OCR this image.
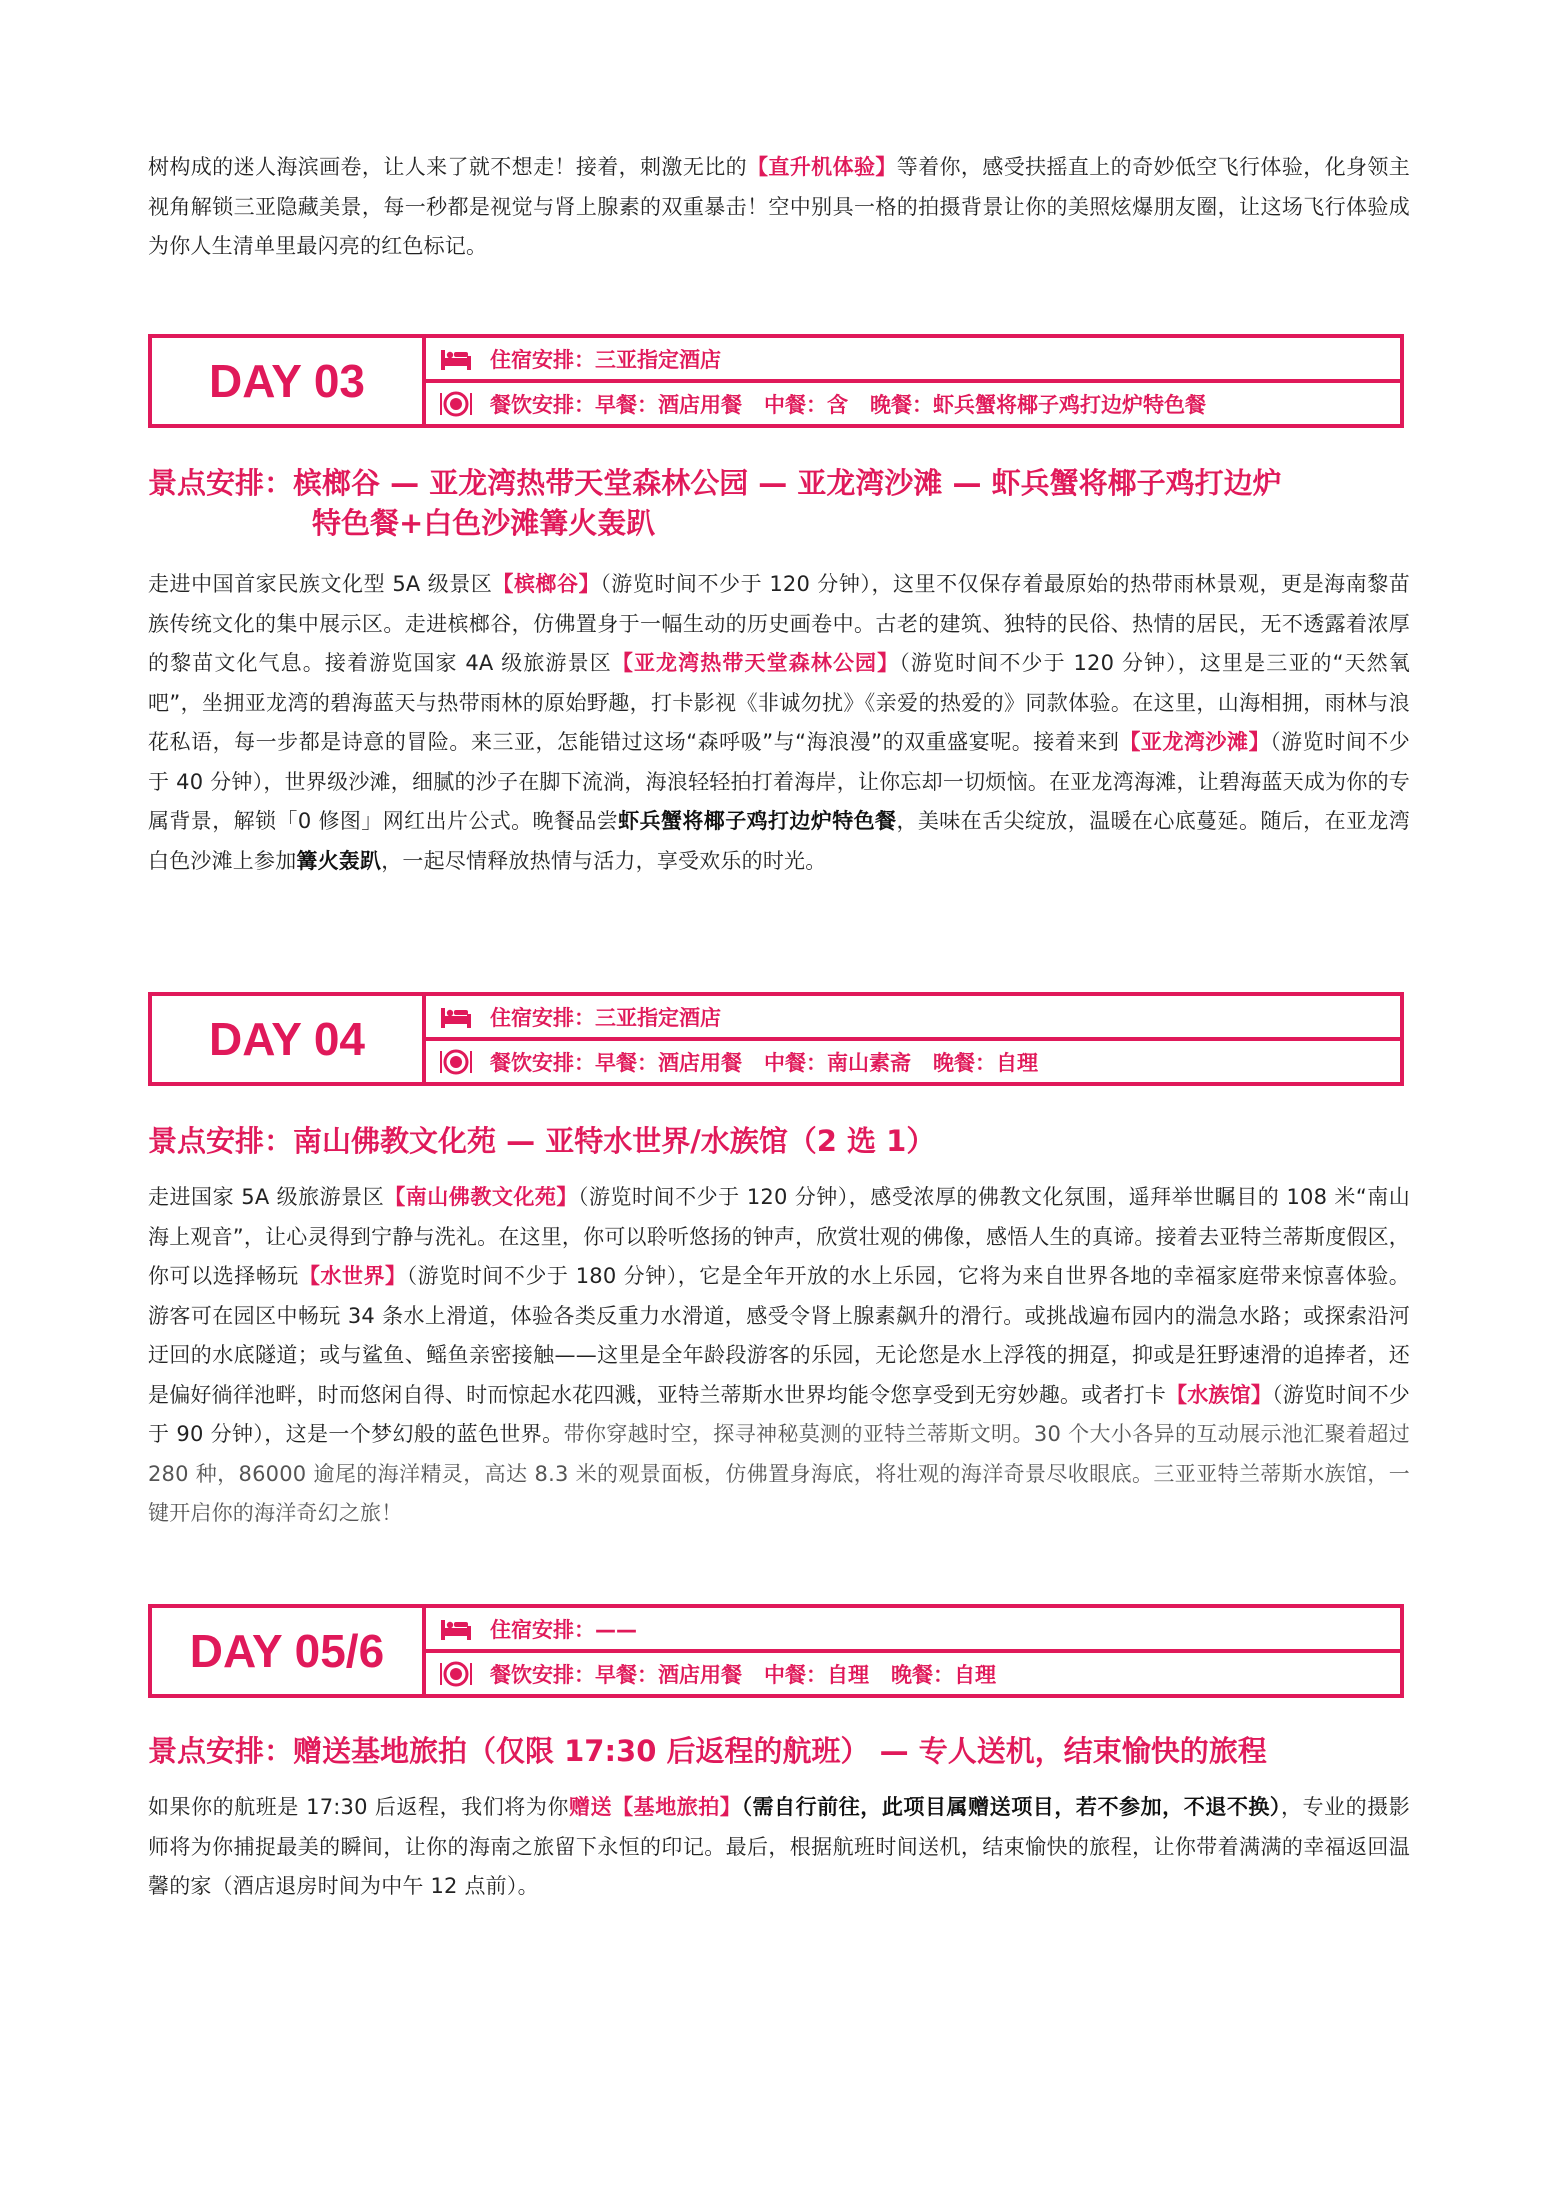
树构成的迷人海滨画卷，让人来了就不想走！接着，刺激无比的【直升机体验】等着你，感受扶摇直上的奇妙低空飞行体验，化身领主视角解锁三亚隐藏美景，每一秒都是视觉与肾上腺素的双重暴击！空中别具一格的拍摄背景让你的美照炫爆朋友圈，让这场飞行体验成为你人生清单里最闪亮的红色标记。

DAY 03	住宿安排：三亚指定酒店
餐饮安排：早餐：酒店用餐 中餐：含 晚餐：虾兵蟹将椰子鸡打边炉特色餐
景点安排：槟榔谷 — 亚龙湾热带天堂森林公园 — 亚龙湾沙滩 — 虾兵蟹将椰子鸡打边炉
特色餐+白色沙滩篝火轰趴

走进中国首家民族文化型 5A 级景区【槟榔谷】（游览时间不少于 120 分钟），这里不仅保存着最原始的热带雨林景观，更是海南黎苗族传统文化的集中展示区。走进槟榔谷，仿佛置身于一幅生动的历史画卷中。古老的建筑、独特的民俗、热情的居民，无不透露着浓厚的黎苗文化气息。接着游览国家 4A 级旅游景区【亚龙湾热带天堂森林公园】（游览时间不少于 120 分钟），这里是三亚的“天然氧吧”，坐拥亚龙湾的碧海蓝天与热带雨林的原始野趣，打卡影视《非诚勿扰》《亲爱的热爱的》同款体验。在这里，山海相拥，雨林与浪花私语，每一步都是诗意的冒险。来三亚，怎能错过这场“森呼吸”与“海浪漫”的双重盛宴呢。接着来到【亚龙湾沙滩】（游览时间不少于 40 分钟），世界级沙滩，细腻的沙子在脚下流淌，海浪轻轻拍打着海岸，让你忘却一切烦恼。在亚龙湾海滩，让碧海蓝天成为你的专属背景，解锁「0 修图」网红出片公式。晚餐品尝虾兵蟹将椰子鸡打边炉特色餐，美味在舌尖绽放，温暖在心底蔓延。随后，在亚龙湾白色沙滩上参加篝火轰趴，一起尽情释放热情与活力，享受欢乐的时光。

DAY 04	住宿安排：三亚指定酒店
餐饮安排：早餐：酒店用餐 中餐：南山素斋 晚餐：自理
景点安排：南山佛教文化苑 — 亚特水世界/水族馆（2 选 1）

走进国家 5A 级旅游景区【南山佛教文化苑】（游览时间不少于 120 分钟），感受浓厚的佛教文化氛围，遥拜举世瞩目的 108 米“南山海上观音”，让心灵得到宁静与洗礼。在这里，你可以聆听悠扬的钟声，欣赏壮观的佛像，感悟人生的真谛。接着去亚特兰蒂斯度假区，你可以选择畅玩【水世界】（游览时间不少于 180 分钟），它是全年开放的水上乐园，它将为来自世界各地的幸福家庭带来惊喜体验。游客可在园区中畅玩 34 条水上滑道，体验各类反重力水滑道，感受令肾上腺素飙升的滑行。或挑战遍布园内的湍急水路；或探索沿河迂回的水底隧道；或与鲨鱼、鳐鱼亲密接触——这里是全年龄段游客的乐园，无论您是水上浮筏的拥趸，抑或是狂野速滑的追捧者，还是偏好徜徉池畔，时而悠闲自得、时而惊起水花四溅，亚特兰蒂斯水世界均能令您享受到无穷妙趣。或者打卡【水族馆】（游览时间不少于 90 分钟），这是一个梦幻般的蓝色世界。带你穿越时空，探寻神秘莫测的亚特兰蒂斯文明。30 个大小各异的互动展示池汇聚着超过 280 种，86000 逾尾的海洋精灵，高达 8.3 米的观景面板，仿佛置身海底，将壮观的海洋奇景尽收眼底。三亚亚特兰蒂斯水族馆，一键开启你的海洋奇幻之旅！

DAY 05/6	住宿安排：——
餐饮安排：早餐：酒店用餐 中餐：自理 晚餐：自理
景点安排：赠送基地旅拍（仅限 17:30 后返程的航班） — 专人送机，结束愉快的旅程

如果你的航班是 17:30 后返程，我们将为你赠送【基地旅拍】（需自行前往，此项目属赠送项目，若不参加，不退不换），专业的摄影师将为你捕捉最美的瞬间，让你的海南之旅留下永恒的印记。最后，根据航班时间送机，结束愉快的旅程，让你带着满满的幸福返回温馨的家（酒店退房时间为中午 12 点前）。
